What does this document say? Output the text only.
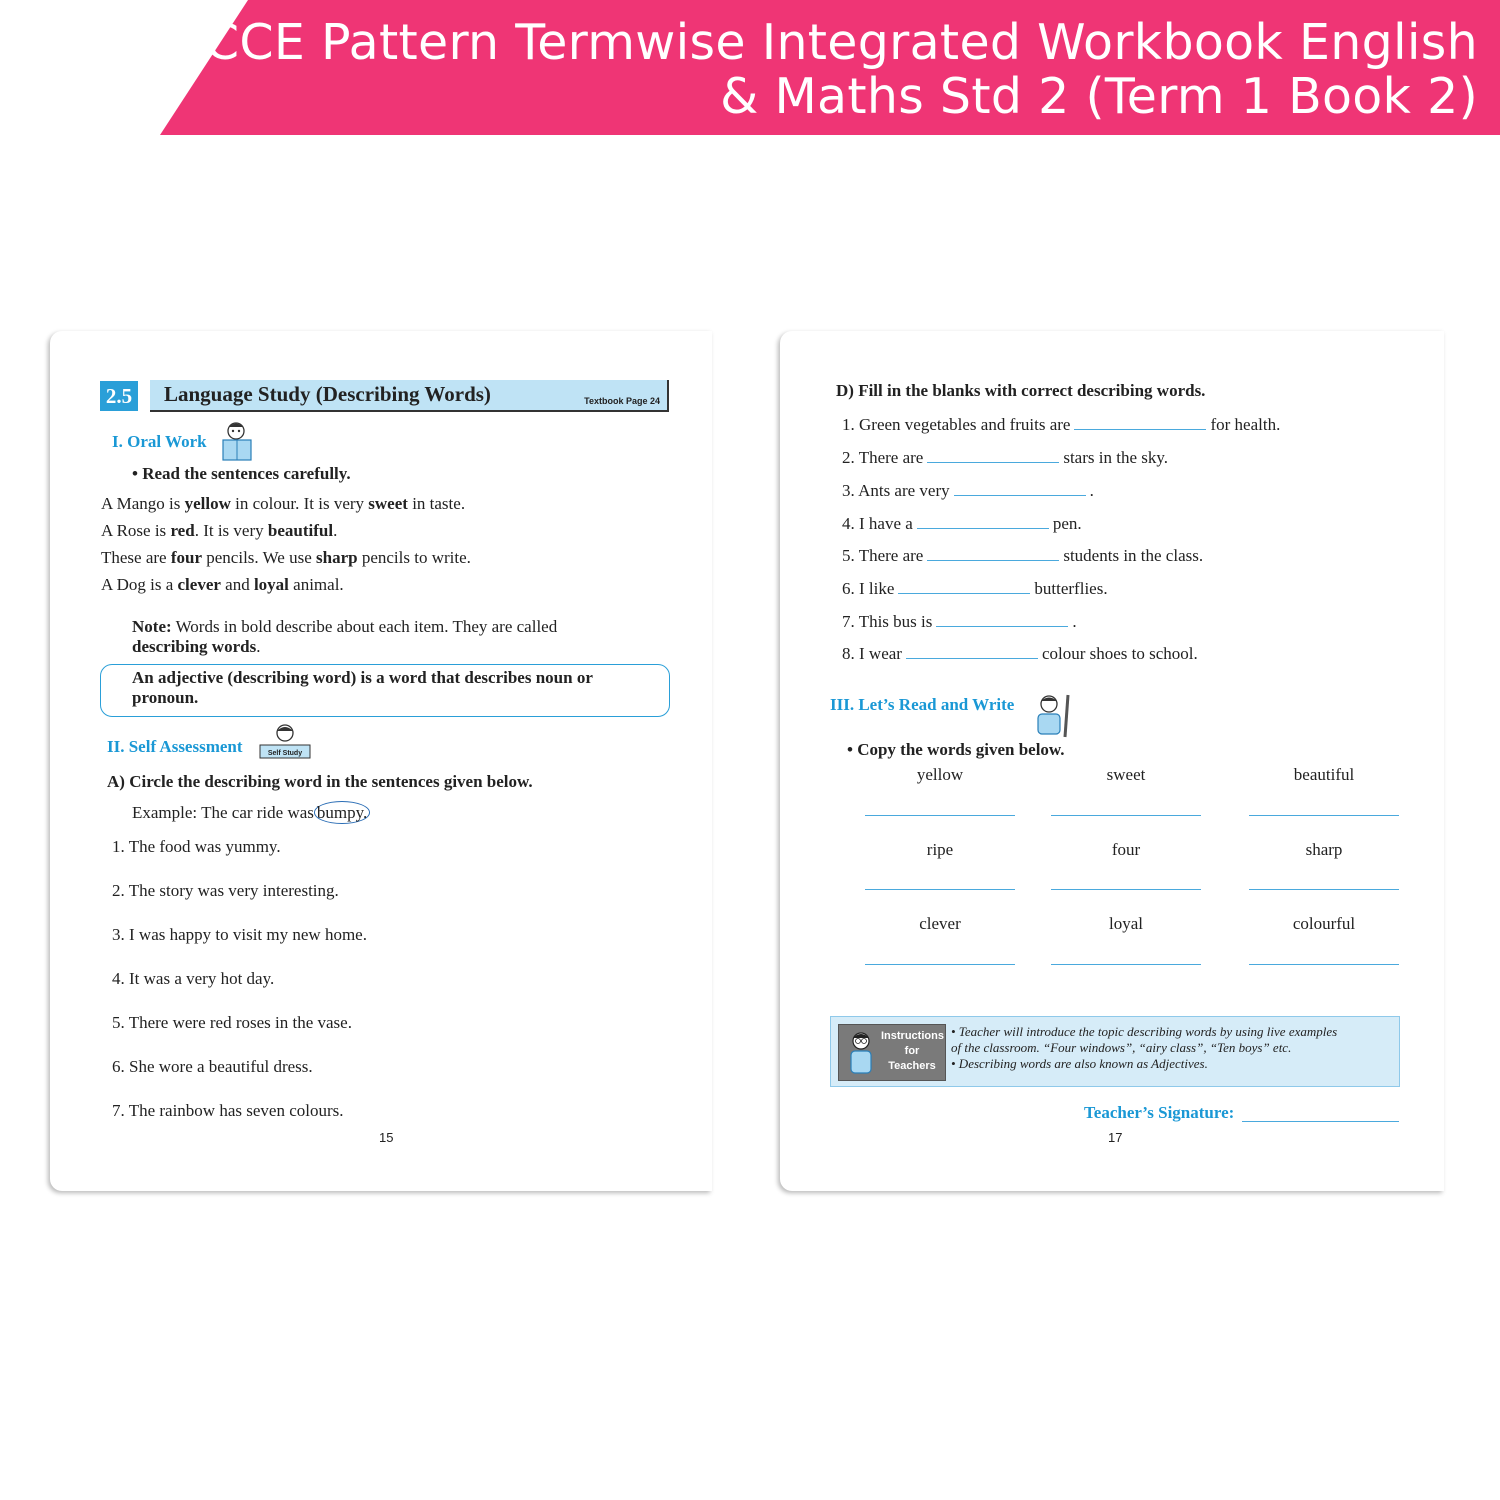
CCE Pattern Termwise Integrated Workbook English
& Maths Std 2 (Term 1 Book 2)
2.5 Language Study (Describing Words)	Textbook Page 24
I. Oral Work
• Read the sentences carefully.
A Mango is yellow in colour. It is very sweet in taste.
A Rose is red. It is very beautiful.
These are four pencils. We use sharp pencils to write.
A Dog is a clever and loyal animal.
Note: Words in bold describe about each item. They are called
describing words.
An adjective (describing word) is a word that describes noun or
pronoun.
II. Self Assessment	Self Study
A) Circle the describing word in the sentences given below.
Example: The car ride was bumpy.
1. The food was yummy.
2. The story was very interesting.
3. I was happy to visit my new home.
4. It was a very hot day.
5. There were red roses in the vase.
6. She wore a beautiful dress.
7. The rainbow has seven colours.
15
D) Fill in the blanks with correct describing words.
1. Green vegetables and fruits are	for health.
2. There are	stars in the sky.
3. Ants are very	.
4. I have a	pen.
5. There are	students in the class.
6. I like	butterflies.
7. This bus is	.
8. I wear	colour shoes to school.
III. Let’s Read and Write
• Copy the words given below.
yellow	sweet	beautiful
ripe	four	sharp
clever	loyal	colourful
Instructions
for
Teachers
• Teacher will introduce the topic describing words by using live examples
of the classroom. “Four windows”, “airy class”, “Ten boys” etc.
• Describing words are also known as Adjectives.
Teacher’s Signature:
17
